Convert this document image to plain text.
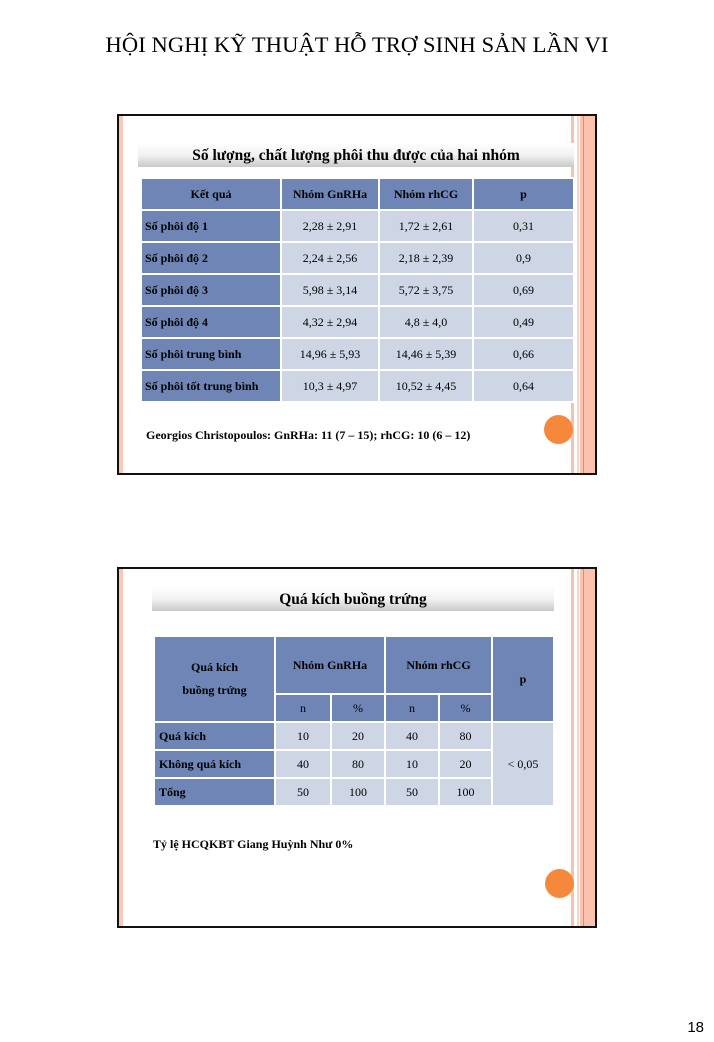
HỘI NGHỊ KỸ THUẬT HỖ TRỢ SINH SẢN LẦN VI
Số lượng, chất lượng phôi thu được của hai nhóm
Kết quả	Nhóm GnRHa	Nhóm rhCG	p
Số phôi độ 1	2,28 ± 2,91	1,72 ± 2,61	0,31
Số phôi độ 2	2,24 ± 2,56	2,18 ± 2,39	0,9
Số phôi độ 3	5,98 ± 3,14	5,72 ± 3,75	0,69
Số phôi độ 4	4,32 ± 2,94	4,8 ± 4,0	0,49
Số phôi trung bình	14,96 ± 5,93	14,46 ± 5,39	0,66
Số phôi tốt trung bình	10,3 ± 4,97	10,52 ± 4,45	0,64
Georgios Christopoulos: GnRHa: 11 (7 – 15); rhCG: 10 (6 – 12)
Quá kích buồng trứng
Quá kích
buồng trứng	Nhóm GnRHa		Nhóm rhCG		p
	n	%	n	%	
Quá kích	10	20	40	80	< 0,05
Không quá kích	40	80	10	20	
Tổng	50	100	50	100	
Tỷ lệ HCQKBT Giang Huỳnh Như 0%
18
